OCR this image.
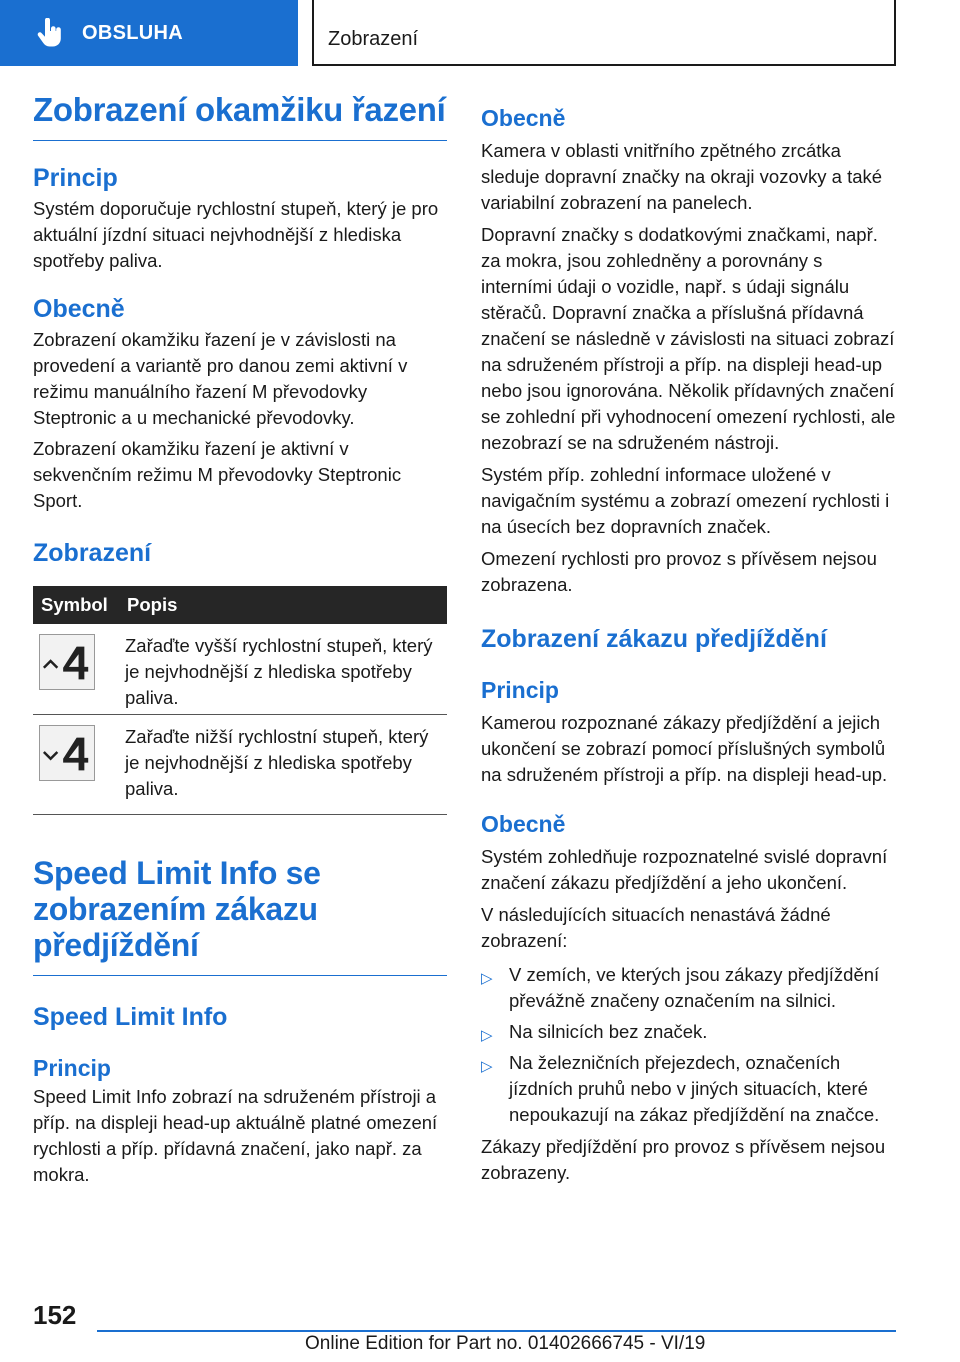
OBSLUHA	Zobrazení
Zobrazení okamžiku řazení
Princip

Systém doporučuje rychlostní stupeň, který je pro aktuální jízdní situaci nejvhodnější z hlediska spotřeby paliva.

Obecně

Zobrazení okamžiku řazení je v závislosti na provedení a variantě pro danou zemi aktivní v režimu manuálního řazení M převodovky Steptronic a u mechanické převodovky.

Zobrazení okamžiku řazení je aktivní v sekvenčním režimu M převodovky Steptronic Sport.

Zobrazení
Symbol	Popis
	Zařaďte vyšší rychlostní stupeň, který je nejvhodnější z hlediska spotřeby paliva.
	Zařaďte nižší rychlostní stupeň, který je nejvhodnější z hlediska spotřeby paliva.
Speed Limit Info se zobrazením zákazu předjíždění
Speed Limit Info
Princip

Speed Limit Info zobrazí na sdruženém přístroji a příp. na displeji head-up aktuálně platné omezení rychlosti a příp. přídavná značení, jako např. za mokra.

Obecně

Kamera v oblasti vnitřního zpětného zrcátka sleduje dopravní značky na okraji vozovky a také variabilní zobrazení na panelech.

Dopravní značky s dodatkovými značkami, např. za mokra, jsou zohledněny a porovnány s interními údaji o vozidle, např. s údaji signálu stěračů. Dopravní značka a příslušná přídavná značení se následně v závislosti na situaci zobrazí na sdruženém přístroji a příp. na displeji head-up nebo jsou ignorována. Několik přídavných značení se zohlední při vyhodnocení omezení rychlosti, ale nezobrazí se na sdruženém nástroji.

Systém příp. zohlední informace uložené v navigačním systému a zobrazí omezení rychlosti i na úsecích bez dopravních značek.

Omezení rychlosti pro provoz s přívěsem nejsou zobrazena.

Zobrazení zákazu předjíždění
Princip

Kamerou rozpoznané zákazy předjíždění a jejich ukončení se zobrazí pomocí příslušných symbolů na sdruženém přístroji a příp. na displeji head-up.

Obecně

Systém zohledňuje rozpoznatelné svislé dopravní značení zákazu předjíždění a jeho ukončení.

V následujících situacích nenastává žádné zobrazení:

▷ V zemích, ve kterých jsou zákazy předjíždění převážně značeny označením na silnici.
▷ Na silnicích bez značek.
▷ Na železničních přejezdech, označeních jízdních pruhů nebo v jiných situacích, které nepoukazují na zákaz předjíždění na značce.

Zákazy předjíždění pro provoz s přívěsem nejsou zobrazeny.

152
Online Edition for Part no. 01402666745 - VI/19
